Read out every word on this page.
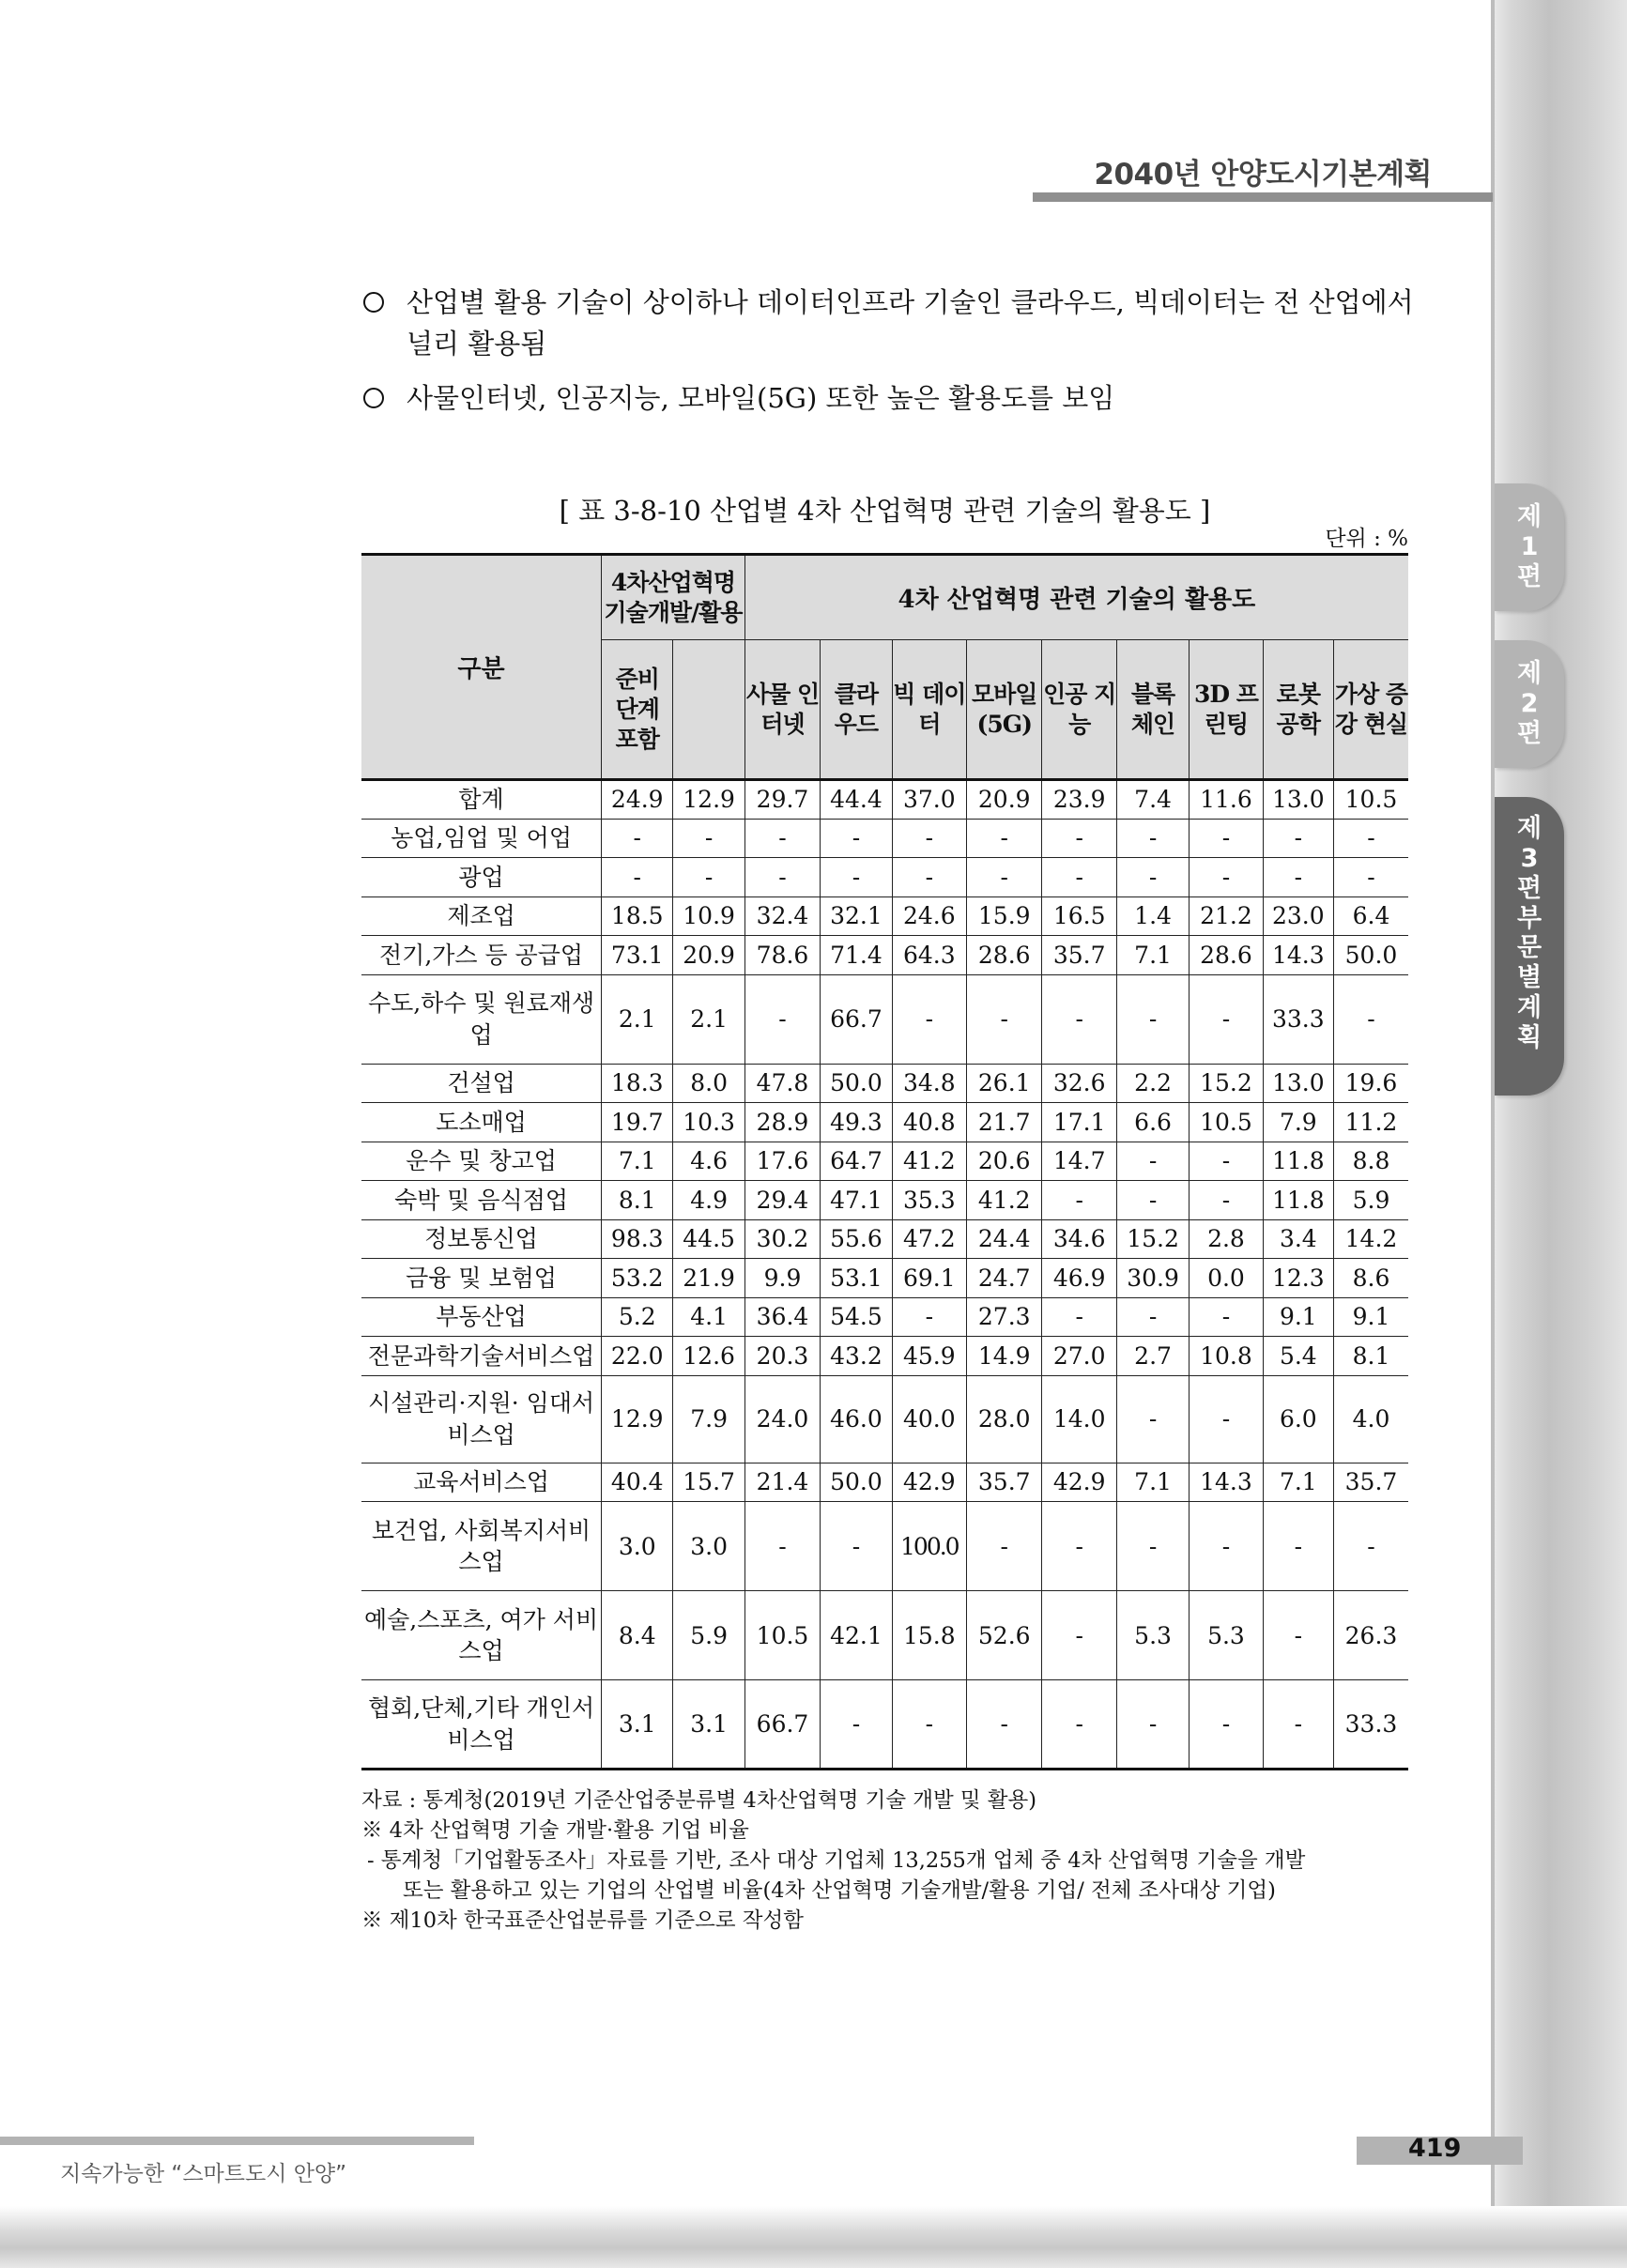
2040년 안양도시기본계획
제
1
편
제
2
편
제
3
편
부
문
별
계
획
산업별 활용 기술이 상이하나 데이터인프라 기술인 클라우드, 빅데이터는 전 산업에서 널리 활용됨
사물인터넷, 인공지능, 모바일(5G) 또한 높은 활용도를 보임
[ 표 3-8-10 산업별 4차 산업혁명 관련 기술의 활용도 ]
단위 : %
구분	4차산업혁명 기술개발/활용		4차 산업혁명 관련 기술의 활용도								
	준비 단계 포함		사물 인터넷	클라 우드	빅 데이터	모바일 (5G)	인공 지능	블록 체인	3D 프린팅	로봇 공학	가상 증강 현실
합계	24.9	12.9	29.7	44.4	37.0	20.9	23.9	7.4	11.6	13.0	10.5
농업,임업 및 어업	-	-	-	-	-	-	-	-	-	-	-
광업	-	-	-	-	-	-	-	-	-	-	-
제조업	18.5	10.9	32.4	32.1	24.6	15.9	16.5	1.4	21.2	23.0	6.4
전기,가스 등 공급업	73.1	20.9	78.6	71.4	64.3	28.6	35.7	7.1	28.6	14.3	50.0
수도,하수 및 원료재생업	2.1	2.1	-	66.7	-	-	-	-	-	33.3	-
건설업	18.3	8.0	47.8	50.0	34.8	26.1	32.6	2.2	15.2	13.0	19.6
도소매업	19.7	10.3	28.9	49.3	40.8	21.7	17.1	6.6	10.5	7.9	11.2
운수 및 창고업	7.1	4.6	17.6	64.7	41.2	20.6	14.7	-	-	11.8	8.8
숙박 및 음식점업	8.1	4.9	29.4	47.1	35.3	41.2	-	-	-	11.8	5.9
정보통신업	98.3	44.5	30.2	55.6	47.2	24.4	34.6	15.2	2.8	3.4	14.2
금융 및 보험업	53.2	21.9	9.9	53.1	69.1	24.7	46.9	30.9	0.0	12.3	8.6
부동산업	5.2	4.1	36.4	54.5	-	27.3	-	-	-	9.1	9.1
전문과학기술서비스업	22.0	12.6	20.3	43.2	45.9	14.9	27.0	2.7	10.8	5.4	8.1
시설관리·지원· 임대서비스업	12.9	7.9	24.0	46.0	40.0	28.0	14.0	-	-	6.0	4.0
교육서비스업	40.4	15.7	21.4	50.0	42.9	35.7	42.9	7.1	14.3	7.1	35.7
보건업, 사회복지서비스업	3.0	3.0	-	-	100.0	-	-	-	-	-	-
예술,스포츠, 여가 서비스업	8.4	5.9	10.5	42.1	15.8	52.6	-	5.3	5.3	-	26.3
협회,단체,기타 개인서비스업	3.1	3.1	66.7	-	-	-	-	-	-	-	33.3
자료 : 통계청(2019년 기준산업중분류별 4차산업혁명 기술 개발 및 활용)
※ 4차 산업혁명 기술 개발·활용 기업 비율
- 통계청「기업활동조사」자료를 기반, 조사 대상 기업체 13,255개 업체 중 4차 산업혁명 기술을 개발
또는 활용하고 있는 기업의 산업별 비율(4차 산업혁명 기술개발/활용 기업/ 전체 조사대상 기업)
※ 제10차 한국표준산업분류를 기준으로 작성함
지속가능한 “스마트도시 안양”
419
